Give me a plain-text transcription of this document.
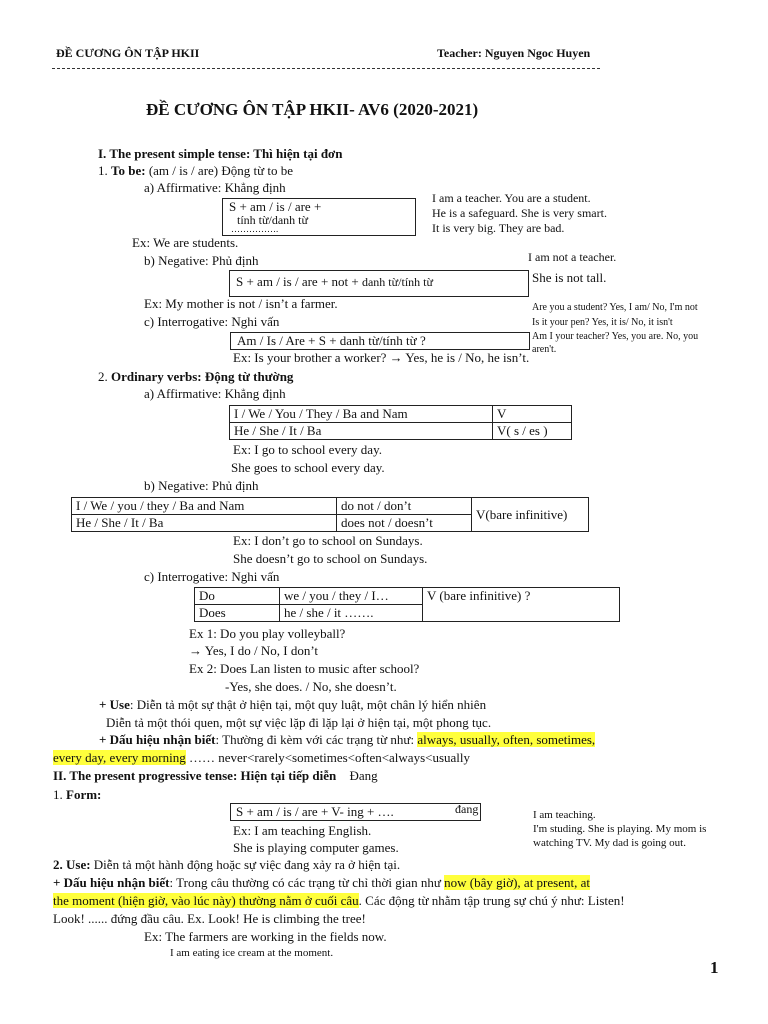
ĐỀ CƯƠNG ÔN TẬP HKII	Teacher: Nguyen Ngoc Huyen
ĐỀ CƯƠNG ÔN TẬP HKII- AV6 (2020-2021)
I. The present simple tense: Thì hiện tại đơn
1. To be: (am / is / are) Động từ to be
a) Affirmative: Khẳng định
S + am / is / are +
tính từ/danh từ
…………….
I am a teacher. You are a student.
He is a safeguard. She is very smart.
It is very big. They are bad.
Ex: We are students.
b) Negative: Phủ định
S + am / is / are + not + danh từ/tính từ
I am not a teacher.
She is not tall.
Ex: My mother is not / isn’t a farmer.
c) Interrogative: Nghi vấn
Am / Is / Are + S + danh từ/tính từ ?
Ex: Is your brother a worker? → Yes, he is / No, he isn’t.
Are you a student? Yes, I am/ No, I'm not
Is it your pen? Yes, it is/ No, it isn't
Am I your teacher? Yes, you are. No, you
aren't.
2. Ordinary verbs: Động từ thường
a) Affirmative: Khẳng định
I / We / You / They / Ba and Nam	V
He / She / It / Ba	V( s / es )
Ex: I go to school every day.
She goes to school every day.
b) Negative: Phủ định
I / We / you / they / Ba and Nam	do not / don’t	V(bare infinitive)
He / She / It / Ba	does not / doesn’t	
Ex: I don’t go to school on Sundays.
She doesn’t go to school on Sundays.
c) Interrogative: Nghi vấn
Do	we / you / they / I…	V (bare infinitive) ?
Does	he / she / it …….	
Ex 1: Do you play volleyball?
→ Yes, I do / No, I don’t
Ex 2: Does Lan listen to music after school?
-Yes, she does. / No, she doesn’t.
+ Use: Diễn tả một sự thật ở hiện tại, một quy luật, một chân lý hiển nhiên
Diễn tả một thói quen, một sự việc lặp đi lặp lại ở hiện tại, một phong tục.
+ Dấu hiệu nhận biết: Thường đi kèm với các trạng từ như: always, usually, often, sometimes,
every day, every morning …… never<rarely<sometimes<often<always<usually
II. The present progressive tense: Hiện tại tiếp diễn Đang
1. Form:
S + am / is / are + V- ing + ….	đang
Ex: I am teaching English.
She is playing computer games.
I am teaching.
I'm studing. She is playing. My mom is
watching TV. My dad is going out.
2. Use: Diễn tả một hành động hoặc sự việc đang xảy ra ở hiện tại.
+ Dấu hiệu nhận biết: Trong câu thường có các trạng từ chỉ thời gian như now (bây giờ), at present, at
the moment (hiện giờ, vào lúc này) thường nằm ở cuối câu. Các động từ nhằm tập trung sự chú ý như: Listen!
Look! ...... đứng đầu câu. Ex. Look! He is climbing the tree!
Ex: The farmers are working in the fields now.
I am eating ice cream at the moment.
1
